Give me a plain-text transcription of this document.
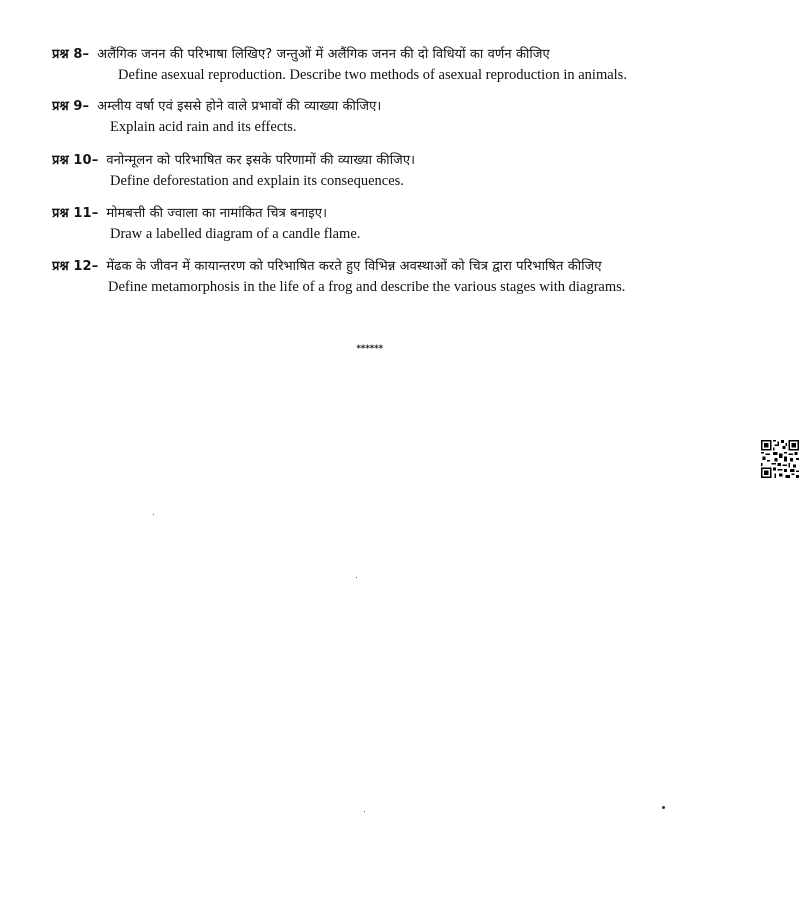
प्रश्न 8– अलैंगिक जनन की परिभाषा लिखिए? जन्तुओं में अलैंगिक जनन की दो विधियों का वर्णन कीजिए
Define asexual reproduction. Describe two methods of asexual reproduction in animals.
प्रश्न 9– अम्लीय वर्षा एवं इससे होने वाले प्रभावों की व्याख्या कीजिए।
Explain acid rain and its effects.
प्रश्न 10– वनोन्मूलन को परिभाषित कर इसके परिणामों की व्याख्या कीजिए।
Define deforestation and explain its consequences.
प्रश्न 11– मोमबत्ती की ज्वाला का नामांकित चित्र बनाइए।
Draw a labelled diagram of a candle flame.
प्रश्न 12– मेंढक के जीवन में कायान्तरण को परिभाषित करते हुए विभिन्न अवस्थाओं को चित्र द्वारा परिभाषित कीजिए
Define metamorphosis in the life of a frog and describe the various stages with diagrams.
******
